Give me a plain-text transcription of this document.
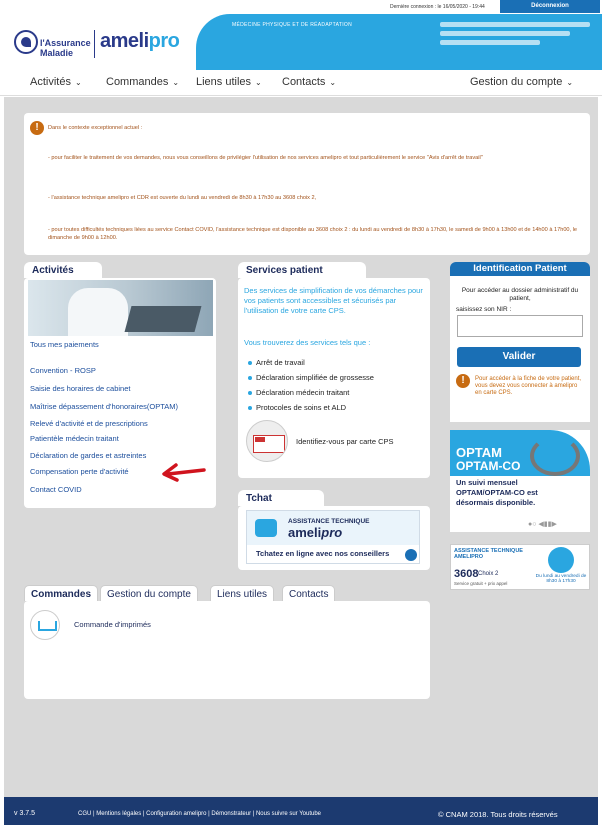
Dernière connexion : le 16/05/2020 - 19:44	Déconnexion
MÉDECINE PHYSIQUE ET DE RÉADAPTATION
l'Assurance
Maladie
amelipro
Activités ⌄ Commandes ⌄ Liens utiles ⌄ Contacts ⌄	Gestion du compte ⌄
!	Dans le contexte exceptionnel actuel :
- pour faciliter le traitement de vos demandes, nous vous conseillons de privilégier l'utilisation de nos services amelipro et tout particulièrement le service "Avis d'arrêt de travail"
- l'assistance technique amelipro et CDR est ouverte du lundi au vendredi de 8h30 à 17h30 au 3608 choix 2,
- pour toutes difficultés techniques liées au service Contact COVID, l'assistance technique est disponible au 3608 choix 2 : du lundi au vendredi de 8h30 à 17h30, le samedi de 9h00 à 13h00 et de 14h00 à 17h00, le dimanche de 9h00 à 12h00.
Activités
Tous mes paiements
Convention - ROSP
Saisie des horaires de cabinet
Maîtrise dépassement d'honoraires(OPTAM)
Relevé d'activité et de prescriptions
Patientèle médecin traitant
Déclaration de gardes et astreintes
Compensation perte d'activité
Contact COVID
Services patient
Des services de simplification de vos démarches pour vos patients sont accessibles et sécurisés par l'utilisation de votre carte CPS.
Vous trouverez des services tels que :
Arrêt de travail
Déclaration simplifiée de grossesse
Déclaration médecin traitant
Protocoles de soins et ALD
Identifiez-vous par carte CPS
Tchat
ASSISTANCE TECHNIQUE
amelipro
Tchatez en ligne avec nos conseillers
Identification Patient
Pour accéder au dossier administratif du patient,
saisissez son NIR :
Valider
!	Pour accéder à la fiche de votre patient, vous devez vous connecter à amelipro en carte CPS.
OPTAM
OPTAM-CO
Un suivi mensuel OPTAM/OPTAM-CO est désormais disponible.
●○ ◀▮▮▶
ASSISTANCE TECHNIQUE AMELIPRO
3608 Choix 2
Service gratuit + prix appel
Du lundi au vendredi de 8h30 à 17h30
Commandes	Gestion du compte	Liens utiles	Contacts
Commande d'imprimés
v 3.7.5	CGU | Mentions légales | Configuration amelipro | Démonstrateur | Nous suivre sur Youtube	© CNAM 2018. Tous droits réservés
